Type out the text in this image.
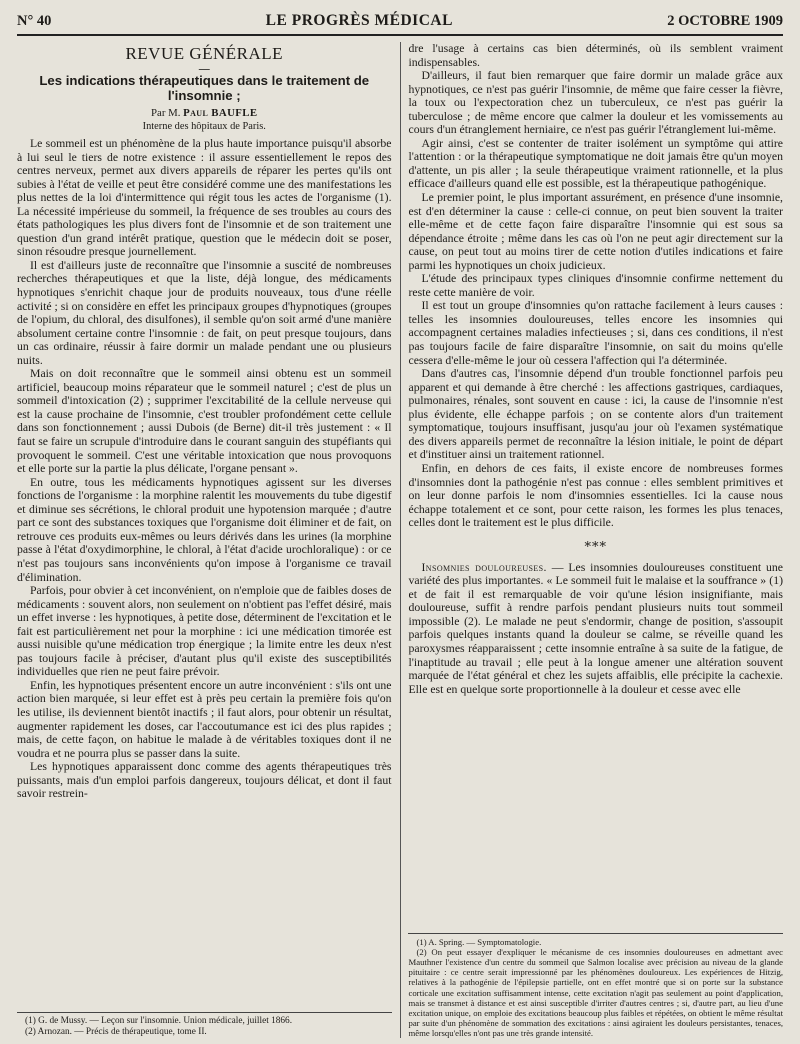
N° 40	LE PROGRÈS MÉDICAL	2 OCTOBRE 1909
REVUE GÉNÉRALE
—
Les indications thérapeutiques dans le traitement de l'insomnie ;

Par M. Paul BAUFLE

Interne des hôpitaux de Paris.

Le sommeil est un phénomène de la plus haute importance puisqu'il absorbe à lui seul le tiers de notre existence : il assure essentiellement le repos des centres nerveux, permet aux divers appareils de réparer les pertes qu'ils ont subies à l'état de veille et peut être considéré comme une des manifestations les plus nettes de la loi d'intermittence qui régit tous les actes de l'organisme (1). La nécessité impérieuse du sommeil, la fréquence de ses troubles au cours des états pathologiques les plus divers font de l'insomnie et de son traitement une question d'un grand intérêt pratique, question que le médecin doit se poser, sinon résoudre presque journellement.

Il est d'ailleurs juste de reconnaître que l'insomnie a suscité de nombreuses recherches thérapeutiques et que la liste, déjà longue, des médicaments hypnotiques s'enrichit chaque jour de produits nouveaux, tous d'une réelle activité ; si on considère en effet les principaux groupes d'hypnotiques (groupes de l'opium, du chloral, des disulfones), il semble qu'on soit armé d'une manière absolument certaine contre l'insomnie : de fait, on peut presque toujours, dans un cas ordinaire, réussir à faire dormir un malade pendant une ou plusieurs nuits.

Mais on doit reconnaître que le sommeil ainsi obtenu est un sommeil artificiel, beaucoup moins réparateur que le sommeil naturel ; c'est de plus un sommeil d'intoxication (2) ; supprimer l'excitabilité de la cellule nerveuse qui est la cause prochaine de l'insomnie, c'est troubler profondément cette cellule dans son fonctionnement ; aussi Dubois (de Berne) dit-il très justement : « Il faut se faire un scrupule d'introduire dans le courant sanguin des stupéfiants qui provoquent le sommeil. C'est une véritable intoxication que nous provoquons et elle porte sur la partie la plus délicate, l'organe pensant ».

En outre, tous les médicaments hypnotiques agissent sur les diverses fonctions de l'organisme : la morphine ralentit les mouvements du tube digestif et diminue ses sécrétions, le chloral produit une hypotension marquée ; d'autre part ce sont des substances toxiques que l'organisme doit éliminer et de fait, on retrouve ces produits eux-mêmes ou leurs dérivés dans les urines (la morphine passe à l'état d'oxydimorphine, le chloral, à l'état d'acide urochloralique) : or ce n'est pas toujours sans inconvénients qu'on impose à l'organisme ce travail d'élimination.

Parfois, pour obvier à cet inconvénient, on n'emploie que de faibles doses de médicaments : souvent alors, non seulement on n'obtient pas l'effet désiré, mais un effet inverse : les hypnotiques, à petite dose, déterminent de l'excitation et le fait est particulièrement net pour la morphine : ici une médication timorée est aussi nuisible qu'une médication trop énergique ; la limite entre les deux n'est pas toujours facile à préciser, d'autant plus qu'il existe des susceptibilités individuelles que rien ne peut faire prévoir.

Enfin, les hypnotiques présentent encore un autre inconvénient : s'ils ont une action bien marquée, si leur effet est à près peu certain la première fois qu'on les utilise, ils deviennent bientôt inactifs ; il faut alors, pour obtenir un résultat, augmenter rapidement les doses, car l'accoutumance est ici des plus rapides ; mais, de cette façon, on habitue le malade à de véritables toxiques dont il ne voudra et ne pourra plus se passer dans la suite.

Les hypnotiques apparaissent donc comme des agents thérapeutiques très puissants, mais d'un emploi parfois dangereux, toujours délicat, et dont il faut savoir restrein-

(1) G. de Mussy. — Leçon sur l'insomnie. Union médicale, juillet 1866.

(2) Arnozan. — Précis de thérapeutique, tome II.

dre l'usage à certains cas bien déterminés, où ils semblent vraiment indispensables.

D'ailleurs, il faut bien remarquer que faire dormir un malade grâce aux hypnotiques, ce n'est pas guérir l'insomnie, de même que faire cesser la fièvre, la toux ou l'expectoration chez un tuberculeux, ce n'est pas guérir la tuberculose ; de même encore que calmer la douleur et les vomissements au cours d'un étranglement herniaire, ce n'est pas guérir l'étranglement lui-même.

Agir ainsi, c'est se contenter de traiter isolément un symptôme qui attire l'attention : or la thérapeutique symptomatique ne doit jamais être qu'un moyen d'attente, un pis aller ; la seule thérapeutique vraiment rationnelle, et la plus efficace d'ailleurs quand elle est possible, est la thérapeutique pathogénique.

Le premier point, le plus important assurément, en présence d'une insomnie, est d'en déterminer la cause : celle-ci connue, on peut bien souvent la traiter elle-même et de cette façon faire disparaître l'insomnie qui est sous sa dépendance étroite ; même dans les cas où l'on ne peut agir directement sur la cause, on peut tout au moins tirer de cette notion d'utiles indications et faire parmi les hypnotiques un choix judicieux.

L'étude des principaux types cliniques d'insomnie confirme nettement du reste cette manière de voir.

Il est tout un groupe d'insomnies qu'on rattache facilement à leurs causes : telles les insomnies douloureuses, telles encore les insomnies qui accompagnent certaines maladies infectieuses ; si, dans ces conditions, il n'est pas toujours facile de faire disparaître l'insomnie, on sait du moins qu'elle cessera d'elle-même le jour où cessera l'affection qui l'a déterminée.

Dans d'autres cas, l'insomnie dépend d'un trouble fonctionnel parfois peu apparent et qui demande à être cherché : les affections gastriques, cardiaques, pulmonaires, rénales, sont souvent en cause : ici, la cause de l'insomnie n'est plus évidente, elle échappe parfois ; on se contente alors d'un traitement symptomatique, toujours insuffisant, jusqu'au jour où l'examen systématique des divers appareils permet de reconnaître la lésion initiale, le point de départ et d'instituer ainsi un traitement rationnel.

Enfin, en dehors de ces faits, il existe encore de nombreuses formes d'insomnies dont la pathogénie n'est pas connue : elles semblent primitives et on leur donne parfois le nom d'insomnies essentielles. Ici la cause nous échappe totalement et ce sont, pour cette raison, les formes les plus tenaces, celles dont le traitement est le plus difficile.

***

Insomnies douloureuses. — Les insomnies douloureuses constituent une variété des plus importantes. « Le sommeil fuit le malaise et la souffrance » (1) et de fait il est remarquable de voir qu'une lésion insignifiante, mais douloureuse, suffit à rendre parfois pendant plusieurs nuits tout sommeil impossible (2). Le malade ne peut s'endormir, change de position, s'assoupit parfois quelques instants quand la douleur se calme, se réveille quand les paroxysmes réapparaissent ; cette insomnie entraîne à sa suite de la fatigue, de l'inaptitude au travail ; elle peut à la longue amener une altération souvent marquée de l'état général et chez les sujets affaiblis, elle précipite la cachexie. Elle est en quelque sorte proportionnelle à la douleur et cesse avec elle

(1) A. Spring. — Symptomatologie.

(2) On peut essayer d'expliquer le mécanisme de ces insomnies douloureuses en admettant avec Mauthner l'existence d'un centre du sommeil que Salmon localise avec précision au niveau de la glande pituitaire : ce centre serait impressionné par les phénomènes douloureux. Les expériences de Hitzig, relatives à la pathogénie de l'épilepsie partielle, ont en effet montré que si on porte sur la substance corticale une excitation suffisamment intense, cette excitation n'agit pas seulement au point d'application, mais se transmet à distance et est ainsi susceptible d'irriter d'autres centres ; si, d'autre part, au lieu d'une excitation unique, on emploie des excitations beaucoup plus faibles et répétées, on obtient le même résultat par suite d'un phénomène de sommation des excitations : ainsi agiraient les douleurs persistantes, tenaces, même lorsqu'elles n'ont pas une très grande intensité.
